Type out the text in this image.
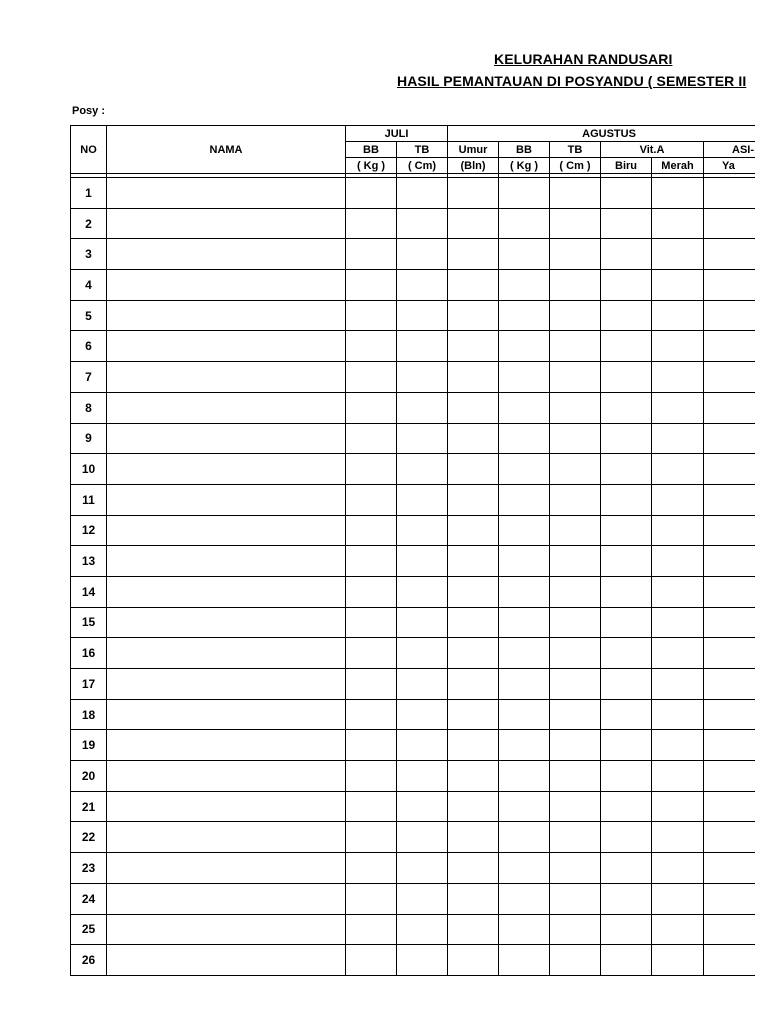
KELURAHAN RANDUSARI
HASIL PEMANTAUAN DI POSYANDU ( SEMESTER II
Posy :
NO	NAMA	JULI		AGUSTUS					
		BB	TB	Umur	BB	TB	Vit.A		ASI-
		( Kg )	( Cm)	(Bln)	( Kg )	( Cm )	Biru	Merah	Ya

1									
2									
3									
4									
5									
6									
7									
8									
9									
10									
11									
12									
13									
14									
15									
16									
17									
18									
19									
20									
21									
22									
23									
24									
25									
26									
